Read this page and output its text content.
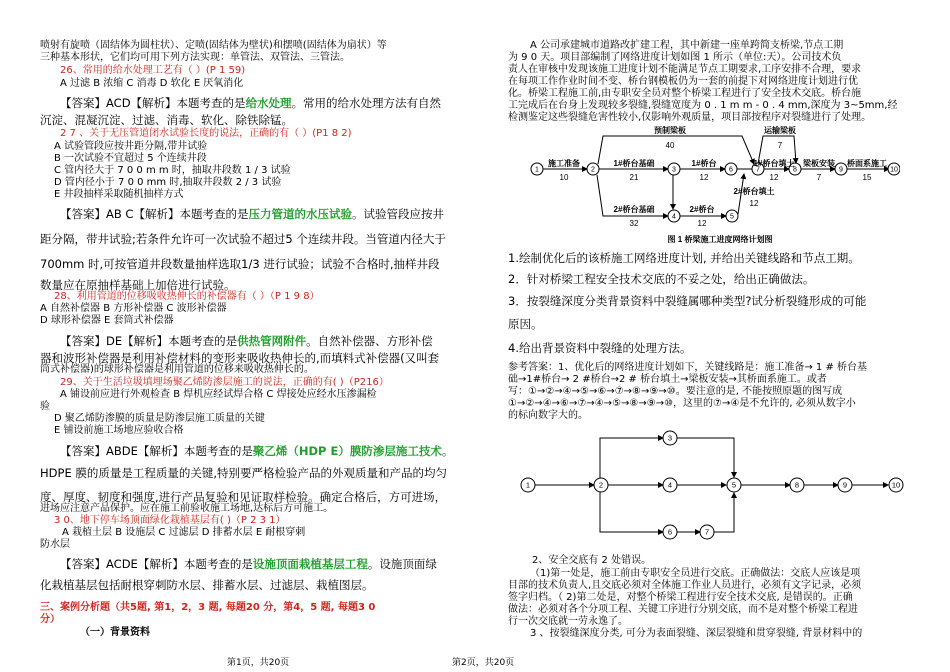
喷射有旋喷（固结体为圆柱状）、定喷(固结体为壁状)和摆喷(固结体为扇状）等
三种基本形状，它们均可用下列方法实现：单管法、双管法、三管法。
26、常用的给水处理工艺有（ ）(P 1 59)
A 过滤 B 浓缩 C 消毒 D 软化 E 厌氧消化
【答案】ACD【解析】本题考查的是给水处理。常用的给水处理方法有自然
沉淀、混凝沉淀、过滤、消毒、软化、除铁除锰。
2 7 、关于无压管道闭水试验长度的说法，正确的有（ ）(P1 8 2)
A 试验管段应按井距分隔,带井试验
B 一次试验不宜超过 5 个连续井段
C 管内径大于 7 0 0 m m 时，抽取井段数 1 / 3 试验
D 管内径小于 7 0 0 mm 时,抽取井段数 2 / 3 试验
E 井段抽样采取随机抽样方式
【答案】AB C【解析】本题考查的是压力管道的水压试验。试验管段应按井
距分隔，带井试验;若条件允许可一次试验不超过5 个连续井段。当管道内径大于
700mm 时,可按管道井段数量抽样选取1/3 进行试验；试验不合格时,抽样井段
数量应在原抽样基础上加倍进行试验。
28、利用管道的位移吸收热伸长的补偿器有（ ）（P 1 9 8）
A 自然补偿器 B 方形补偿器 C 波形补偿器
D 球形补偿器 E 套筒式补偿器
【答案】DE【解析】本题考查的是供热管网附件。自然补偿器、方形补偿
器和波形补偿器是利用补偿材料的变形来吸收热伸长的,而填料式补偿器(又叫套
筒式补偿器)的球形补偿器是利用管道的位移来吸收热伸长的。
29、关于生活垃圾填埋场聚乙烯防渗层施工的说法，正确的有( )（P216）
A 铺设前应进行外观检查 B 焊机应经试焊合格 C 焊接处应经水压渗漏检
验
D 聚乙烯防渗膜的质量是防渗层施工质量的关键
E 铺设前施工场地应验收合格
【答案】ABDE【解析】本题考查的是聚乙烯（HDP E）膜防渗层施工技术。
HDPE 膜的质量是工程质量的关键,特别要严格检验产品的外观质量和产品的均匀
度、厚度、韧度和强度,进行产品复验和见证取样检验。确定合格后，方可进场，
进场应注意产品保护。应在施工前验收施工场地,达标后方可施工。
3 0、地下停车场顶面绿化栽植基层有( )（P 2 3 1）
A 栽植土层 B 设施层 C 过滤层 D 排蓄水层 E 耐根穿刺
防水层
【答案】ACDE【解析】本题考查的是设施顶面栽植基层工程。设施顶面绿
化栽植基层包括耐根穿刺防水层、排蓄水层、过滤层、栽植图层。
三、案例分析题（共5题, 第1，2，3 题, 每题20 分，第4，5 题, 每题3 0
分）
（一）背景资料
第1页，共20页
A 公司承建城市道路改扩建工程，其中新建一座单跨简支桥梁,节点工期
为 9 0 天。项目部编制了网络进度计划如图 1 所示（单位:天）。公司技术负
责人在审核中发现该施工进度计划不能满足节点工期要求,工序安排不合理，要求
在每项工作作业时间不变、桥台钢模板仍为一套的前提下对网络进度计划进行优
化。桥梁工程施工前,由专职安全员对整个桥梁工程进行了安全技术交底。桥台施
工完成后在台身上发现较多裂缝,裂缝宽度为 0 . 1 m m - 0 . 4 mm,深度为 3~5mm,经
检测鉴定这些裂缝危害性较小,仅影响外观质量，项目部按程序对裂缝进行了处理。
1	2	3
4	5
6	7	8	9	10
预制梁板
40
运输梁板
7
施工准备
10
1#桥台基础
21
1#桥台
12
1#桥台填土
12
梁板安装
7
桥面系施工
15
2#桥台基础
32
2#桥台
12
2#桥台填土
12
图 1 桥梁施工进度网络计划图
1.绘制优化后的该桥施工网络进度计划, 并给出关键线路和节点工期。
2．针对桥梁工程安全技术交底的不妥之处，给出正确做法。
3．按裂缝深度分类背景资料中裂缝属哪种类型?试分析裂缝形成的可能
原因。
4.给出背景资料中裂缝的处理方法。
参考答案：1、优化后的网络进度计划如下，关键线路是：施工准备→ 1 # 桥台基
础→1#桥台→ 2 #桥台→2 # 桥台填土→梁板安装→其桥面系施工。或者
写：①→②→④→⑤→⑥→⑦→⑧→⑨→⑩。要注意的是, 不能按照原题的图写成
①→②→④→⑥→⑦→④→⑤→⑧→⑨→⑩，这里的⑦→④是不允许的, 必须从数字小
的标向数字大的。
1	2
3
4
6	7
5	8	9	10
2、安全交底有 2 处错误。
（1)第一处是，施工前由专职安全员进行交底。正确做法：交底人应该是项
目部的技术负责人,且交底必须对全体施工作业人员进行，必须有文字记录，必须
签字归档。（ 2)第二处是，对整个桥梁工程进行安全技术交底, 是错误的。正确
做法：必须对各个分项工程、关键工序进行分别交底，而不是对整个桥梁工程进
行一次交底就一劳永逸了。
3 、按裂缝深度分类, 可分为表面裂缝、深层裂缝和贯穿裂缝, 背景材料中的
第2页，共20页
